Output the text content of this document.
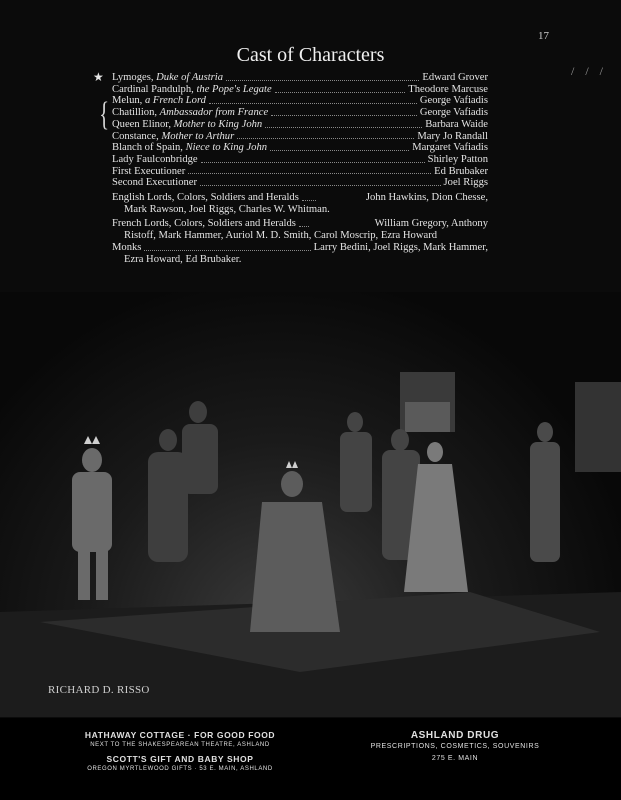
17
/ / /
Cast of Characters
★
{
Lymoges, Duke of Austria	Edward Grover
Cardinal Pandulph, the Pope's Legate	Theodore Marcuse
Melun, a French Lord	George Vafiadis
Chatillion, Ambassador from France	George Vafiadis
Queen Elinor, Mother to King John	Barbara Waide
Constance, Mother to Arthur	Mary Jo Randall
Blanch of Spain, Niece to King John	Margaret Vafiadis
Lady Faulconbridge	Shirley Patton
First Executioner	Ed Brubaker
Second Executioner	Joel Riggs
English Lords, Colors, Soldiers and Heralds	John Hawkins, Dion Chesse,
Mark Rawson, Joel Riggs, Charles W. Whitman.
French Lords, Colors, Soldiers and Heralds	William Gregory, Anthony
Ristoff, Mark Hammer, Auriol M. D. Smith, Carol Moscrip, Ezra Howard
Monks	Larry Bedini, Joel Riggs, Mark Hammer,
Ezra Howard, Ed Brubaker.
RICHARD D. RISSO

HATHAWAY COTTAGE · FOR GOOD FOOD

NEXT TO THE SHAKESPEAREAN THEATRE, ASHLAND

SCOTT'S GIFT AND BABY SHOP

OREGON MYRTLEWOOD GIFTS · 53 E. MAIN, ASHLAND

ASHLAND DRUG

PRESCRIPTIONS, COSMETICS, SOUVENIRS

275 E. MAIN
